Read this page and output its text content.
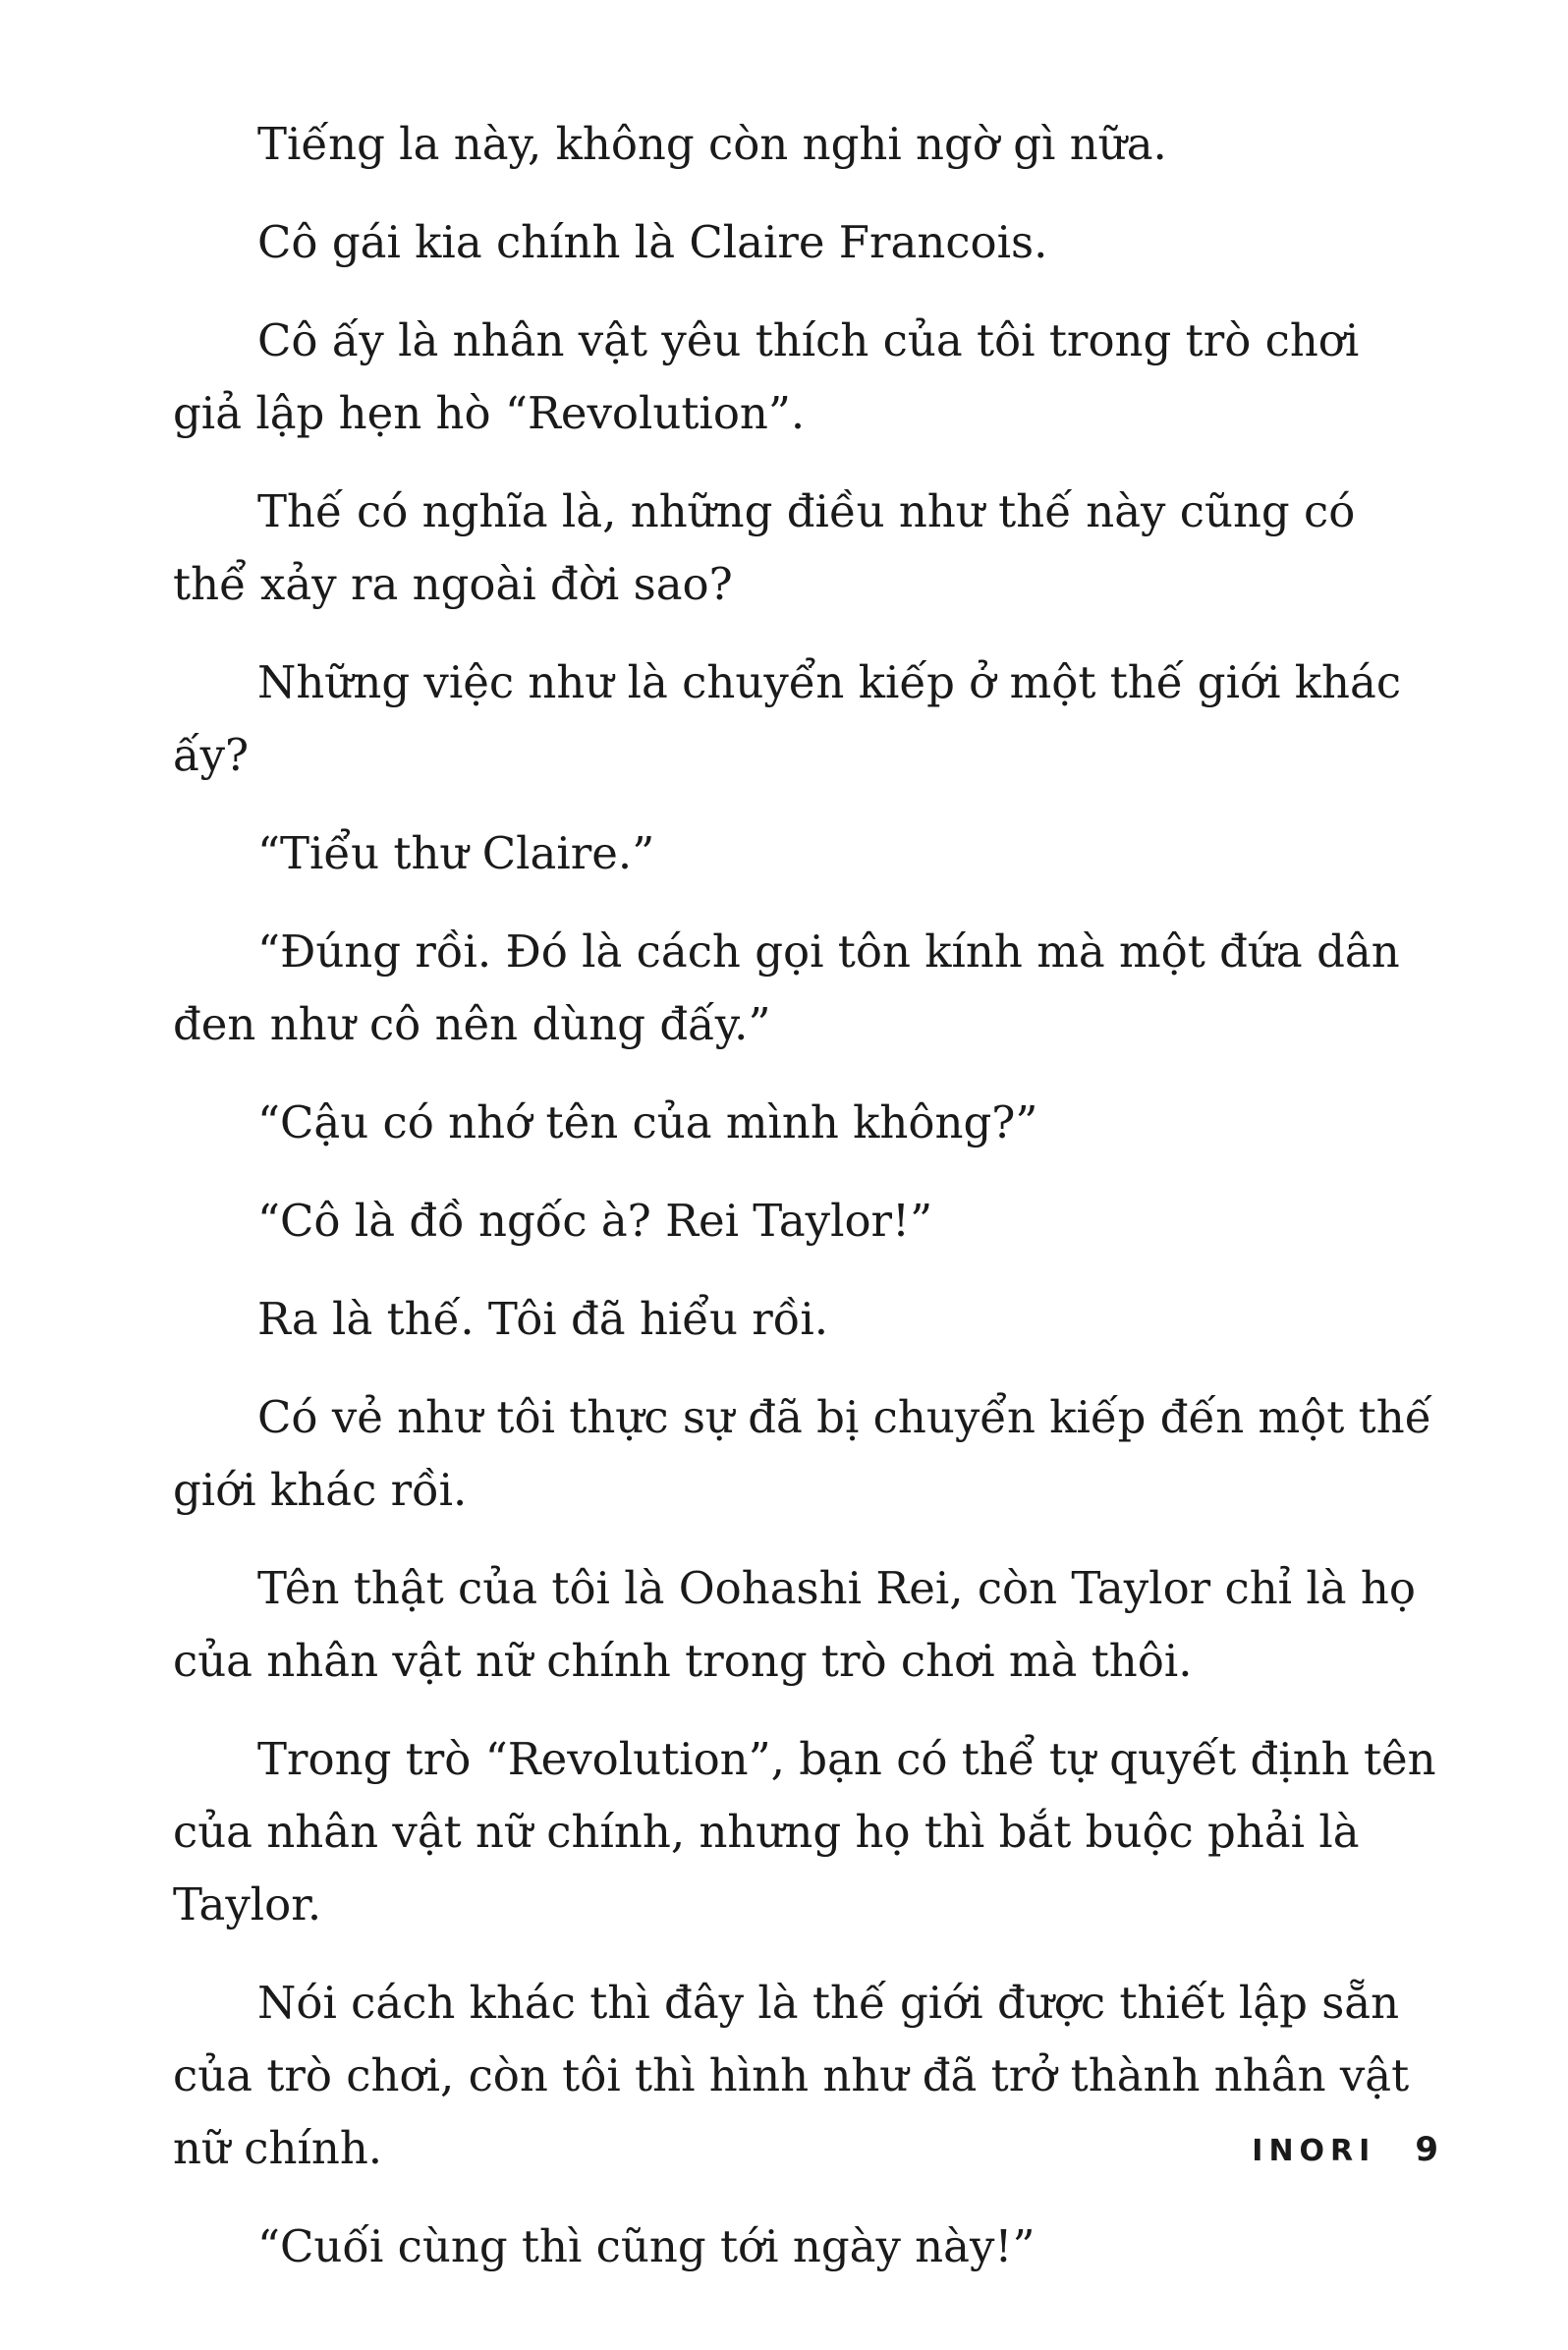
Tiếng la này, không còn nghi ngờ gì nữa.

Cô gái kia chính là Claire Francois.

Cô ấy là nhân vật yêu thích của tôi trong trò chơi giả lập hẹn hò “Revolution”.

Thế có nghĩa là, những điều như thế này cũng có thể xảy ra ngoài đời sao?

Những việc như là chuyển kiếp ở một thế giới khác ấy?

“Tiểu thư Claire.”

“Đúng rồi. Đó là cách gọi tôn kính mà một đứa dân đen như cô nên dùng đấy.”

“Cậu có nhớ tên của mình không?”

“Cô là đồ ngốc à? Rei Taylor!”

Ra là thế. Tôi đã hiểu rồi.

Có vẻ như tôi thực sự đã bị chuyển kiếp đến một thế giới khác rồi.

Tên thật của tôi là Oohashi Rei, còn Taylor chỉ là họ của nhân vật nữ chính trong trò chơi mà thôi.

Trong trò “Revolution”, bạn có thể tự quyết định tên của nhân vật nữ chính, nhưng họ thì bắt buộc phải là Taylor.

Nói cách khác thì đây là thế giới được thiết lập sẵn của trò chơi, còn tôi thì hình như đã trở thành nhân vật nữ chính.

“Cuối cùng thì cũng tới ngày này!”

INORI 9
